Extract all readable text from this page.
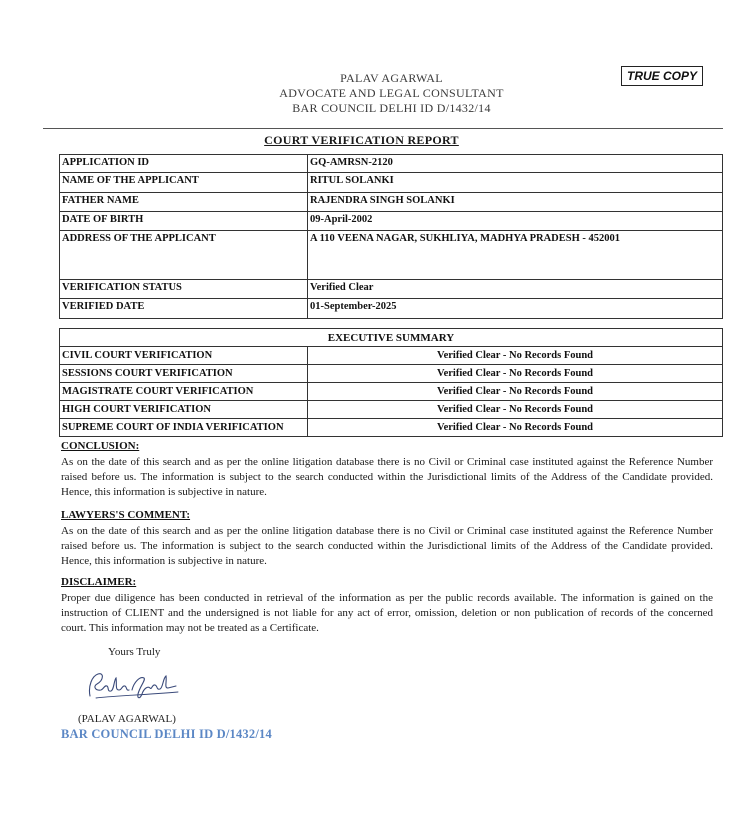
PALAV AGARWAL
ADVOCATE AND LEGAL CONSULTANT
BAR COUNCIL DELHI ID D/1432/14
TRUE COPY
COURT VERIFICATION REPORT
APPLICATION ID	GQ-AMRSN-2120
NAME OF THE APPLICANT	RITUL SOLANKI
FATHER NAME	RAJENDRA SINGH SOLANKI
DATE OF BIRTH	09-April-2002
ADDRESS OF THE APPLICANT	A 110 VEENA NAGAR, SUKHLIYA, MADHYA PRADESH - 452001
VERIFICATION STATUS	Verified Clear
VERIFIED DATE	01-September-2025
EXECUTIVE SUMMARY	
CIVIL COURT VERIFICATION	Verified Clear - No Records Found
SESSIONS COURT VERIFICATION	Verified Clear - No Records Found
MAGISTRATE COURT VERIFICATION	Verified Clear - No Records Found
HIGH COURT VERIFICATION	Verified Clear - No Records Found
SUPREME COURT OF INDIA VERIFICATION	Verified Clear - No Records Found
CONCLUSION:
As on the date of this search and as per the online litigation database there is no Civil or Criminal case instituted against the Reference Number raised before us. The information is subject to the search conducted within the Jurisdictional limits of the Address of the Candidate provided. Hence, this information is subjective in nature.
LAWYERS'S COMMENT:
As on the date of this search and as per the online litigation database there is no Civil or Criminal case instituted against the Reference Number raised before us. The information is subject to the search conducted within the Jurisdictional limits of the Address of the Candidate provided. Hence, this information is subjective in nature.
DISCLAIMER:
Proper due diligence has been conducted in retrieval of the information as per the public records available. The information is gained on the instruction of CLIENT and the undersigned is not liable for any act of error, omission, deletion or non publication of records of the concerned court. This information may not be treated as a Certificate.
Yours Truly
(PALAV AGARWAL)
BAR COUNCIL DELHI ID D/1432/14
